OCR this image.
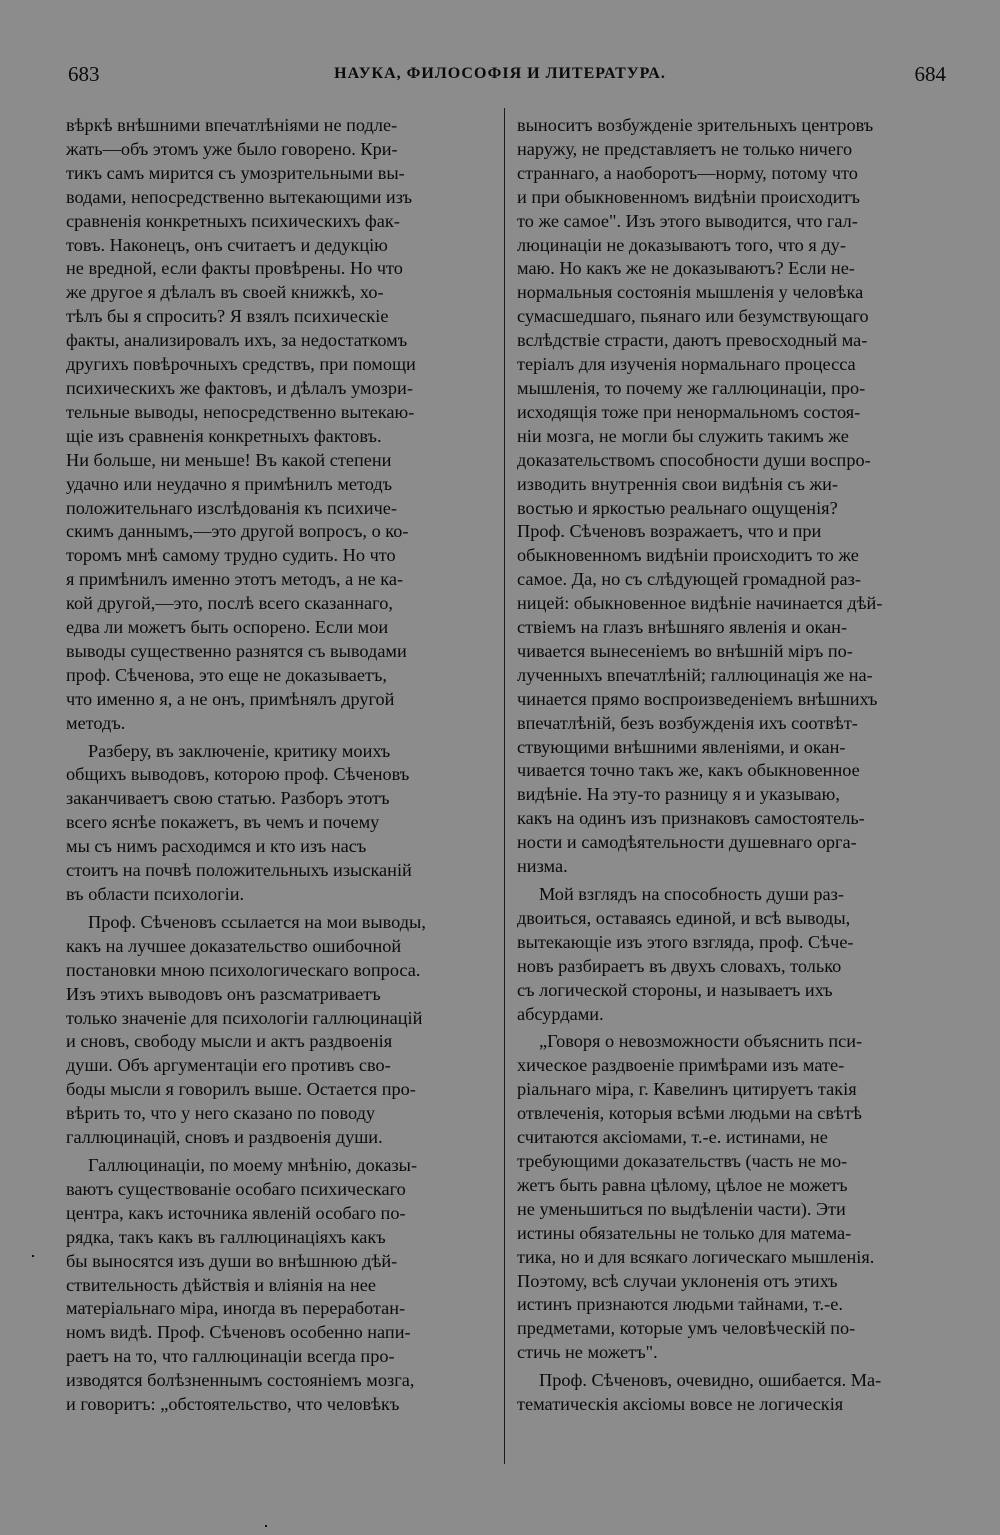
683	НАУКА, ФИЛОСОФІЯ И ЛИТЕРАТУРА.	684

вѣркѣ внѣшними впечатлѣніями не подле-
жать—объ этомъ уже было говорено. Кри-
тикъ самъ мирится съ умозрительными вы-
водами, непосредственно вытекающими изъ
сравненія конкретныхъ психическихъ фак-
товъ. Наконецъ, онъ считаетъ и дедукцію
не вредной, если факты провѣрены. Но что
же другое я дѣлалъ въ своей книжкѣ, хо-
тѣлъ бы я спросить? Я взялъ психическіе
факты, анализировалъ ихъ, за недостаткомъ
другихъ повѣрочныхъ средствъ, при помощи
психическихъ же фактовъ, и дѣлалъ умозри-
тельные выводы, непосредственно вытекаю-
щіе изъ сравненія конкретныхъ фактовъ.
Ни больше, ни меньше! Въ какой степени
удачно или неудачно я примѣнилъ методъ
положительнаго изслѣдованія къ психиче-
скимъ даннымъ,—это другой вопросъ, о ко-
торомъ мнѣ самому трудно судить. Но что
я примѣнилъ именно этотъ методъ, а не ка-
кой другой,—это, послѣ всего сказаннаго,
едва ли можетъ быть оспорено. Если мои
выводы существенно разнятся съ выводами
проф. Сѣченова, это еще не доказываетъ,
что именно я, а не онъ, примѣнялъ другой
методъ.

Разберу, въ заключеніе, критику моихъ
общихъ выводовъ, которою проф. Сѣченовъ
заканчиваетъ свою статью. Разборъ этотъ
всего яснѣе покажетъ, въ чемъ и почему
мы съ нимъ расходимся и кто изъ насъ
стоитъ на почвѣ положительныхъ изысканій
въ области психологіи.

Проф. Сѣченовъ ссылается на мои выводы,
какъ на лучшее доказательство ошибочной
постановки мною психологическаго вопроса.
Изъ этихъ выводовъ онъ разсматриваетъ
только значеніе для психологіи галлюцинацій
и сновъ, свободу мысли и актъ раздвоенія
души. Объ аргументаціи его противъ сво-
боды мысли я говорилъ выше. Остается про-
вѣрить то, что у него сказано по поводу
галлюцинацій, сновъ и раздвоенія души.

Галлюцинаціи, по моему мнѣнію, доказы-
ваютъ существованіе особаго психическаго
центра, какъ источника явленій особаго по-
рядка, такъ какъ въ галлюцинаціяхъ какъ
бы выносятся изъ души во внѣшнюю дѣй-
ствительность дѣйствія и вліянія на нее
матеріальнаго міра, иногда въ переработан-
номъ видѣ. Проф. Сѣченовъ особенно напи-
раетъ на то, что галлюцинаціи всегда про-
изводятся болѣзненнымъ состояніемъ мозга,
и говоритъ: „обстоятельство, что человѣкъ

выноситъ возбужденіе зрительныхъ центровъ
наружу, не представляетъ не только ничего
страннаго, а наоборотъ—норму, потому что
и при обыкновенномъ видѣніи происходитъ
то же самое". Изъ этого выводится, что гал-
люцинаціи не доказываютъ того, что я ду-
маю. Но какъ же не доказываютъ? Если не-
нормальныя состоянія мышленія у человѣка
сумасшедшаго, пьянаго или безумствующаго
вслѣдствіе страсти, даютъ превосходный ма-
теріалъ для изученія нормальнаго процесса
мышленія, то почему же галлюцинаціи, про-
исходящія тоже при ненормальномъ состоя-
ніи мозга, не могли бы служить такимъ же
доказательствомъ способности души воспро-
изводить внутреннія свои видѣнія съ жи-
востью и яркостью реальнаго ощущенія?
Проф. Сѣченовъ возражаетъ, что и при
обыкновенномъ видѣніи происходитъ то же
самое. Да, но съ слѣдующей громадной раз-
ницей: обыкновенное видѣніе начинается дѣй-
ствіемъ на глазъ внѣшняго явленія и окан-
чивается вынесеніемъ во внѣшній міръ по-
лученныхъ впечатлѣній; галлюцинація же на-
чинается прямо воспроизведеніемъ внѣшнихъ
впечатлѣній, безъ возбужденія ихъ соотвѣт-
ствующими внѣшними явленіями, и окан-
чивается точно такъ же, какъ обыкновенное
видѣніе. На эту-то разницу я и указываю,
какъ на одинъ изъ признаковъ самостоятель-
ности и самодѣятельности душевнаго орга-
низма.

Мой взглядъ на способность души раз-
двоиться, оставаясь единой, и всѣ выводы,
вытекающіе изъ этого взгляда, проф. Сѣче-
новъ разбираетъ въ двухъ словахъ, только
съ логической стороны, и называетъ ихъ
абсурдами.

„Говоря о невозможности объяснить пси-
хическое раздвоеніе примѣрами изъ мате-
ріальнаго міра, г. Кавелинъ цитируетъ такія
отвлеченія, которыя всѣми людьми на свѣтѣ
считаются аксіомами, т.-е. истинами, не
требующими доказательствъ (часть не мо-
жетъ быть равна цѣлому, цѣлое не можетъ
не уменьшиться по выдѣленіи части). Эти
истины обязательны не только для матема-
тика, но и для всякаго логическаго мышленія.
Поэтому, всѣ случаи уклоненія отъ этихъ
истинъ признаются людьми тайнами, т.-е.
предметами, которые умъ человѣческій по-
стичь не можетъ".

Проф. Сѣченовъ, очевидно, ошибается. Ма-
тематическія аксіомы вовсе не логическія
